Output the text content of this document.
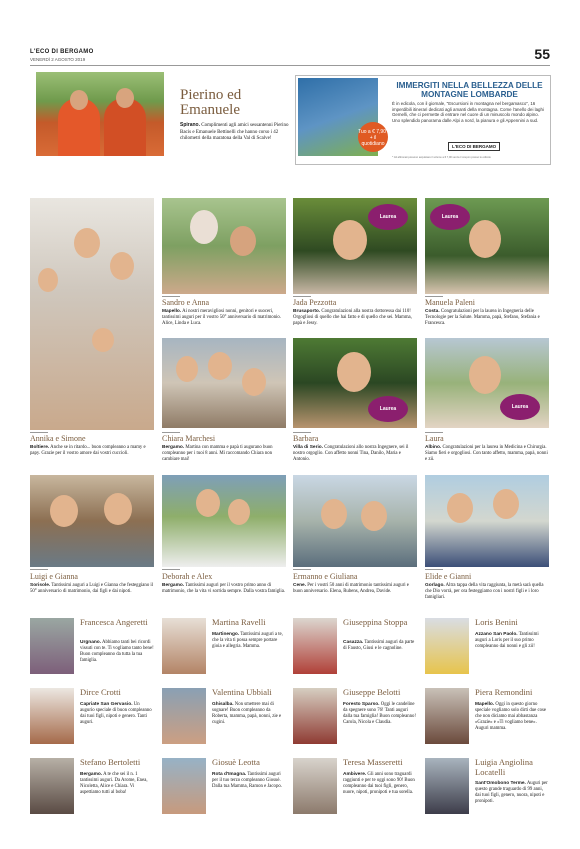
L'ECO DI BERGAMO
VENERDÌ 2 AGOSTO 2019	55
Pierino ed Emanuele
Spirano. Complimenti agli amici sessantenni Pierino Bacis e Emanuele Bettinelli che hanno corso i 42 chilometri della maratona della Val di Scalve!
Tuo a € 7,90* + il quotidiano
IMMERGITI NELLA BELLEZZA DELLE MONTAGNE LOMBARDE
È in edicola, con il giornale, "Escursioni in montagna nel bergamasco", 16 imperdibili itinerari dedicati agli amanti della montagna. Come l'anello dei laghi Gemelli, che ci permette di entrare nel cuore di un minuscolo mondo alpino. Uno splendido panorama dalle Alpi a nord, la pianura e gli Appennini a sud.
L'ECO DI BERGAMO
* Gli abbonati possono acquistare il volume a € 7,90 senza il coupon presso le edicole
Laurea	Laurea
Laurea	Laurea
Sandro e Anna
Mapello. Ai nostri meravigliosi nonni, genitori e suoceri, tantissimi auguri per il vostro 50° anniversario di matrimonio. Alice, Linda e Luca.
Jada Pezzotta
Brusaporto. Congratulazioni alla nostra dottoressa dai 110! Orgogliosi di quello che hai fatto e di quello che sei. Mamma, papà e Jessy.
Manuela Paleni
Costa. Congratulazioni per la laurea in Ingegneria delle Tecnologie per la Salute. Mamma, papà, Stefano, Stefania e Francesca.
Annika e Simone
Boltiere. Anche se in ritardo... buon compleanno a mamy e papy. Grazie per il vostro amore dai vostri cuccioli.
Chiara Marchesi
Bergamo. Martina con mamma e papà ti augurano buon compleanno per i tuoi 8 anni. Mi raccomando Chiara non cambiare mai!
Barbara
Villa di Serio. Congratulazioni allo nostra Ingegnere, sei il nostro orgoglio. Con affetto nonni Tina, Danilo, Maria e Antonio.
Laura
Albino. Congratulazioni per la laurea in Medicina e Chirurgia. Siamo fieri e orgogliosi. Con tanto affetto, mamma, papà, nonni e zii.
Luigi e Gianna
Sorisole. Tantissimi auguri a Luigi e Gianna che festeggiano il 50° anniversario di matrimonio, dai figli e dai nipoti.
Deborah e Alex
Bergamo. Tantissimi auguri per il vostro primo anno di matrimonio, che la vita vi sorrida sempre. Dalla vostra famiglia.
Ermanno e Giuliana
Cene. Per i vostri 50 anni di matrimonio tantissimi auguri e buon anniversario. Elena, Rubens, Andrea, Davide.
Elide e Gianni
Gorlago. Altra tappa della vita raggiunta, la metà sarà quella che Dio vorrà, per ora festeggiamo con i nostri figli e i loro famigliari.
Francesca Angeretti
Urgnano. Abbiamo tanti bei ricordi vissuti con te. Ti vogliamo tanto bene! Buon compleanno da tutta la tua famiglia.
Martina Ravelli
Martinengo. Tantissimi auguri a te, che la vita ti possa sempre portare gioia e allegria. Mamma.
Giuseppina Stoppa
Casazza. Tantissimi auguri da parte di Fausto, Giusi e le cagnoline.
Loris Benini
Azzano San Paolo. Tantissimi auguri a Loris per il suo primo compleanno dai nonni e gli zii!
Dirce Crotti
Capriate San Gervasio. Un augurio speciale di buon compleanno dai tuoi figli, nipoti e genero. Tanti auguri.
Valentina Ubbiali
Ghisalba. Non smettere mai di sognare! Buon compleanno da Roberta, mamma, papà, nonni, zie e cugini.
Giuseppe Belotti
Foresto Sparso. Oggi le candeline da spegnere sono 76! Tanti auguri dalla tua famiglia! Buon compleanno! Carola, Nicola e Claudia.
Piera Remondini
Mapello. Oggi in questo giorno speciale vogliamo solo dirti due cose che non diciamo mai abbastanza «Grazie» e «Ti vogliamo bene». Auguri mamma.
Stefano Bertoletti
Bergamo. A te che sei il n. 1 tantissimi auguri. Da Arome, Enea, Nicoletta, Alice e Chiara. Vi aspettiamo tutti al boba!
Giosuè Leotta
Rota d'Imagna. Tantissimi auguri per il tuo terzo compleanno Giosuè. Dalla tua Mamma, Ramon e Jacopo.
Teresa Masseretti
Ambivere. Gli anni sono traguardi raggiunti e per te oggi sono 90! Buon compleanno dai tuoi figli, genero, nuore, nipoti, pronipoti e tua sorella.
Luigia Angiolina Locatelli
Sant'Omobono Terme. Auguri per questo grande traguardo di 99 anni, dai tuoi figli, genero, nuora, nipoti e pronipoti.
